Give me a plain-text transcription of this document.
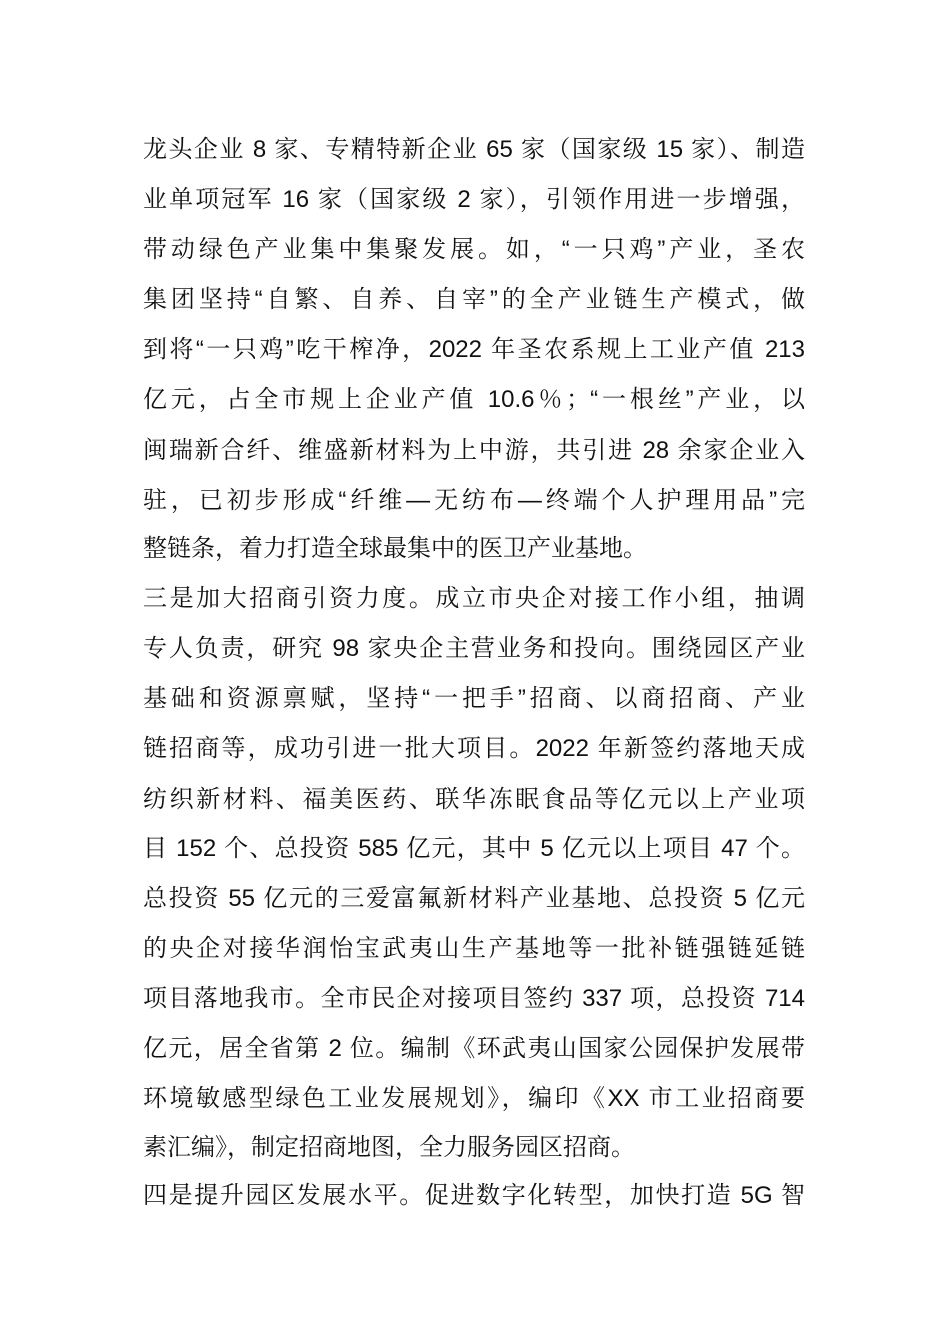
龙头企业 8 家、专精特新企业 65 家（国家级 15 家）、制造
业单项冠军 16 家（国家级 2 家），引领作用进一步增强，
带动绿色产业集中集聚发展。如，“一只鸡”产业，圣农
集团坚持“自繁、自养、自宰”的全产业链生产模式，做
到将“一只鸡”吃干榨净，2022 年圣农系规上工业产值 213
亿元，占全市规上企业产值 10.6％；“一根丝”产业，以
闽瑞新合纤、维盛新材料为上中游，共引进 28 余家企业入
驻，已初步形成“纤维—无纺布—终端个人护理用品”完
整链条，着力打造全球最集中的医卫产业基地。
三是加大招商引资力度。成立市央企对接工作小组，抽调
专人负责，研究 98 家央企主营业务和投向。围绕园区产业
基础和资源禀赋，坚持“一把手”招商、以商招商、产业
链招商等，成功引进一批大项目。2022 年新签约落地天成
纺织新材料、福美医药、联华冻眠食品等亿元以上产业项
目 152 个、总投资 585 亿元，其中 5 亿元以上项目 47 个。
总投资 55 亿元的三爱富氟新材料产业基地、总投资 5 亿元
的央企对接华润怡宝武夷山生产基地等一批补链强链延链
项目落地我市。全市民企对接项目签约 337 项，总投资 714
亿元，居全省第 2 位。编制《环武夷山国家公园保护发展带
环境敏感型绿色工业发展规划》，编印《XX 市工业招商要
素汇编》，制定招商地图，全力服务园区招商。
四是提升园区发展水平。促进数字化转型，加快打造 5G 智
